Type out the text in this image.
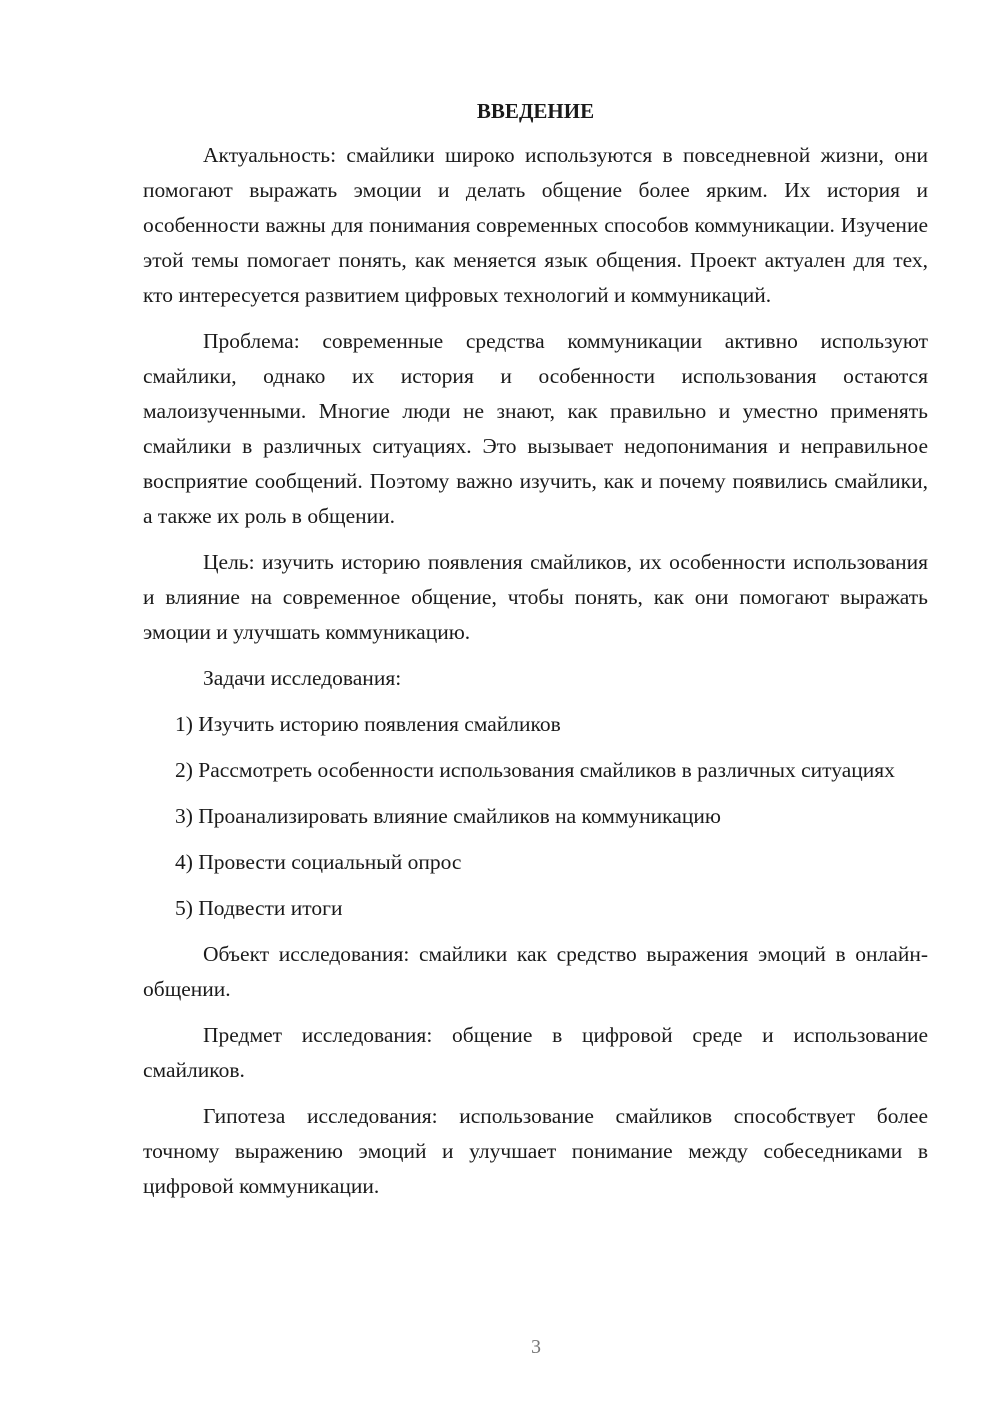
ВВЕДЕНИЕ

Актуальность: смайлики широко используются в повседневной жизни, они помогают выражать эмоции и делать общение более ярким. Их история и особенности важны для понимания современных способов коммуникации. Изучение этой темы помогает понять, как меняется язык общения. Проект актуален для тех, кто интересуется развитием цифровых технологий и коммуникаций.

Проблема: современные средства коммуникации активно используют смайлики, однако их история и особенности использования остаются малоизученными. Многие люди не знают, как правильно и уместно применять смайлики в различных ситуациях. Это вызывает недопонимания и неправильное восприятие сообщений. Поэтому важно изучить, как и почему появились смайлики, а также их роль в общении.

Цель: изучить историю появления смайликов, их особенности использования и влияние на современное общение, чтобы понять, как они помогают выражать эмоции и улучшать коммуникацию.

Задачи исследования:

1) Изучить историю появления смайликов

2) Рассмотреть особенности использования смайликов в различных ситуациях

3) Проанализировать влияние смайликов на коммуникацию

4) Провести социальный опрос

5) Подвести итоги

Объект исследования: смайлики как средство выражения эмоций в онлайн-общении.

Предмет исследования: общение в цифровой среде и использование смайликов.

Гипотеза исследования: использование смайликов способствует более точному выражению эмоций и улучшает понимание между собеседниками в цифровой коммуникации.

3
